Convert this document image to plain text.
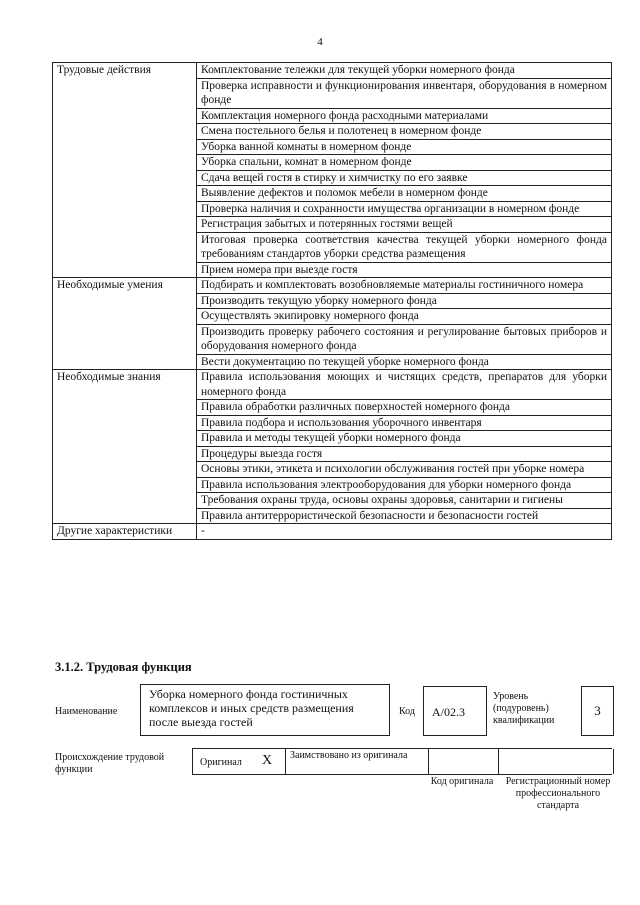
4
Трудовые действия	Комплектование тележки для текущей уборки номерного фонда
	Проверка исправности и функционирования инвентаря, оборудования в номерном фонде
	Комплектация номерного фонда расходными материалами
	Смена постельного белья и полотенец в номерном фонде
	Уборка ванной комнаты в номерном фонде
	Уборка спальни, комнат в номерном фонде
	Сдача вещей гостя в стирку и химчистку по его заявке
	Выявление дефектов и поломок мебели в номерном фонде
	Проверка наличия и сохранности имущества организации в номерном фонде
	Регистрация забытых и потерянных гостями вещей
	Итоговая проверка соответствия качества текущей уборки номерного фонда требованиям стандартов уборки средства размещения
	Прием номера при выезде гостя
Необходимые умения	Подбирать и комплектовать возобновляемые материалы гостиничного номера
	Производить текущую уборку номерного фонда
	Осуществлять экипировку номерного фонда
	Производить проверку рабочего состояния и регулирование бытовых приборов и оборудования номерного фонда
	Вести документацию по текущей уборке номерного фонда
Необходимые знания	Правила использования моющих и чистящих средств, препаратов для уборки номерного фонда
	Правила обработки различных поверхностей номерного фонда
	Правила подбора и использования уборочного инвентаря
	Правила и методы текущей уборки номерного фонда
	Процедуры выезда гостя
	Основы этики, этикета и психологии обслуживания гостей при уборке номера
	Правила использования электрооборудования для уборки номерного фонда
	Требования охраны труда, основы охраны здоровья, санитарии и гигиены
	Правила антитеррористической безопасности и безопасности гостей
Другие характеристики	-
3.1.2. Трудовая функция
Наименование
Уборка номерного фонда гостиничных комплексов и иных средств размещения после выезда гостей
Код А/02.3
Уровень (подуровень) квалификации
3
Происхождение трудовой функции
Оригинал X Заимствовано из оригинала
Код оригинала	Регистрационный номер профессионального стандарта
